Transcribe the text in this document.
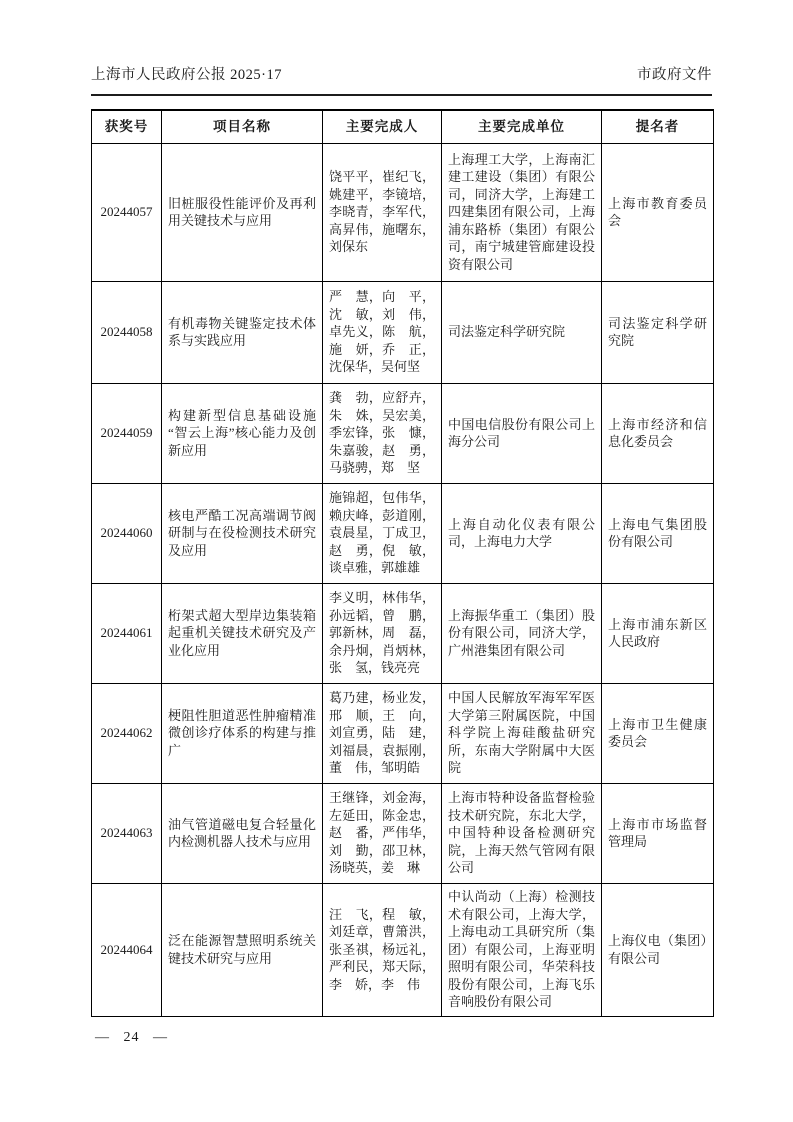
上海市人民政府公报 2025·17	市政府文件
获奖号	项目名称	主要完成人	主要完成单位	提名者
20244057	旧桩服役性能评价及再利用关键技术与应用	饶平平，崔纪飞，姚建平，李镜培，李晓青，李军代，高昇伟，施曙东，刘保东	上海理工大学，上海南汇建工建设（集团）有限公司，同济大学，上海建工四建集团有限公司，上海浦东路桥（集团）有限公司，南宁城建管廊建设投资有限公司	上海市教育委员会
20244058	有机毒物关键鉴定技术体系与实践应用	严　慧，向　平，沈　敏，刘　伟，卓先义，陈　航，施　妍，乔　正，沈保华，吴何坚	司法鉴定科学研究院	司法鉴定科学研究院
20244059	构建新型信息基础设施“智云上海”核心能力及创新应用	龚　勃，应舒卉，朱　姝，吴宏美，季宏锋，张　慷，朱嘉骏，赵　勇，马骁骋，郑　坚	中国电信股份有限公司上海分公司	上海市经济和信息化委员会
20244060	核电严酷工况高端调节阀研制与在役检测技术研究及应用	施锦超，包伟华，赖庆峰，彭道刚，袁晨星，丁成卫，赵　勇，倪　敏，谈卓雅，郭雄雄	上海自动化仪表有限公司，上海电力大学	上海电气集团股份有限公司
20244061	桁架式超大型岸边集装箱起重机关键技术研究及产业化应用	李义明，林伟华，孙远韬，曾　鹏，郭新林，周　磊，余丹炯，肖炳林，张　氢，钱亮亮	上海振华重工（集团）股份有限公司，同济大学，广州港集团有限公司	上海市浦东新区人民政府
20244062	梗阻性胆道恶性肿瘤精准微创诊疗体系的构建与推广	葛乃建，杨业发，邢　顺，王　向，刘宣勇，陆　建，刘福晨，袁振刚，董　伟，邹明皓	中国人民解放军海军军医大学第三附属医院，中国科学院上海硅酸盐研究所，东南大学附属中大医院	上海市卫生健康委员会
20244063	油气管道磁电复合轻量化内检测机器人技术与应用	王继锋，刘金海，左延田，陈金忠，赵　番，严伟华，刘　勤，邵卫林，汤晓英，姜　琳	上海市特种设备监督检验技术研究院，东北大学，中国特种设备检测研究院，上海天然气管网有限公司	上海市市场监督管理局
20244064	泛在能源智慧照明系统关键技术研究与应用	汪　飞，程　敏，刘廷章，曹箫洪，张圣祺，杨远礼，严利民，郑天际，李　娇，李　伟	中认尚动（上海）检测技术有限公司，上海大学，上海电动工具研究所（集团）有限公司，上海亚明照明有限公司，华荣科技股份有限公司，上海飞乐音响股份有限公司	上海仪电（集团）有限公司
— 24 —
